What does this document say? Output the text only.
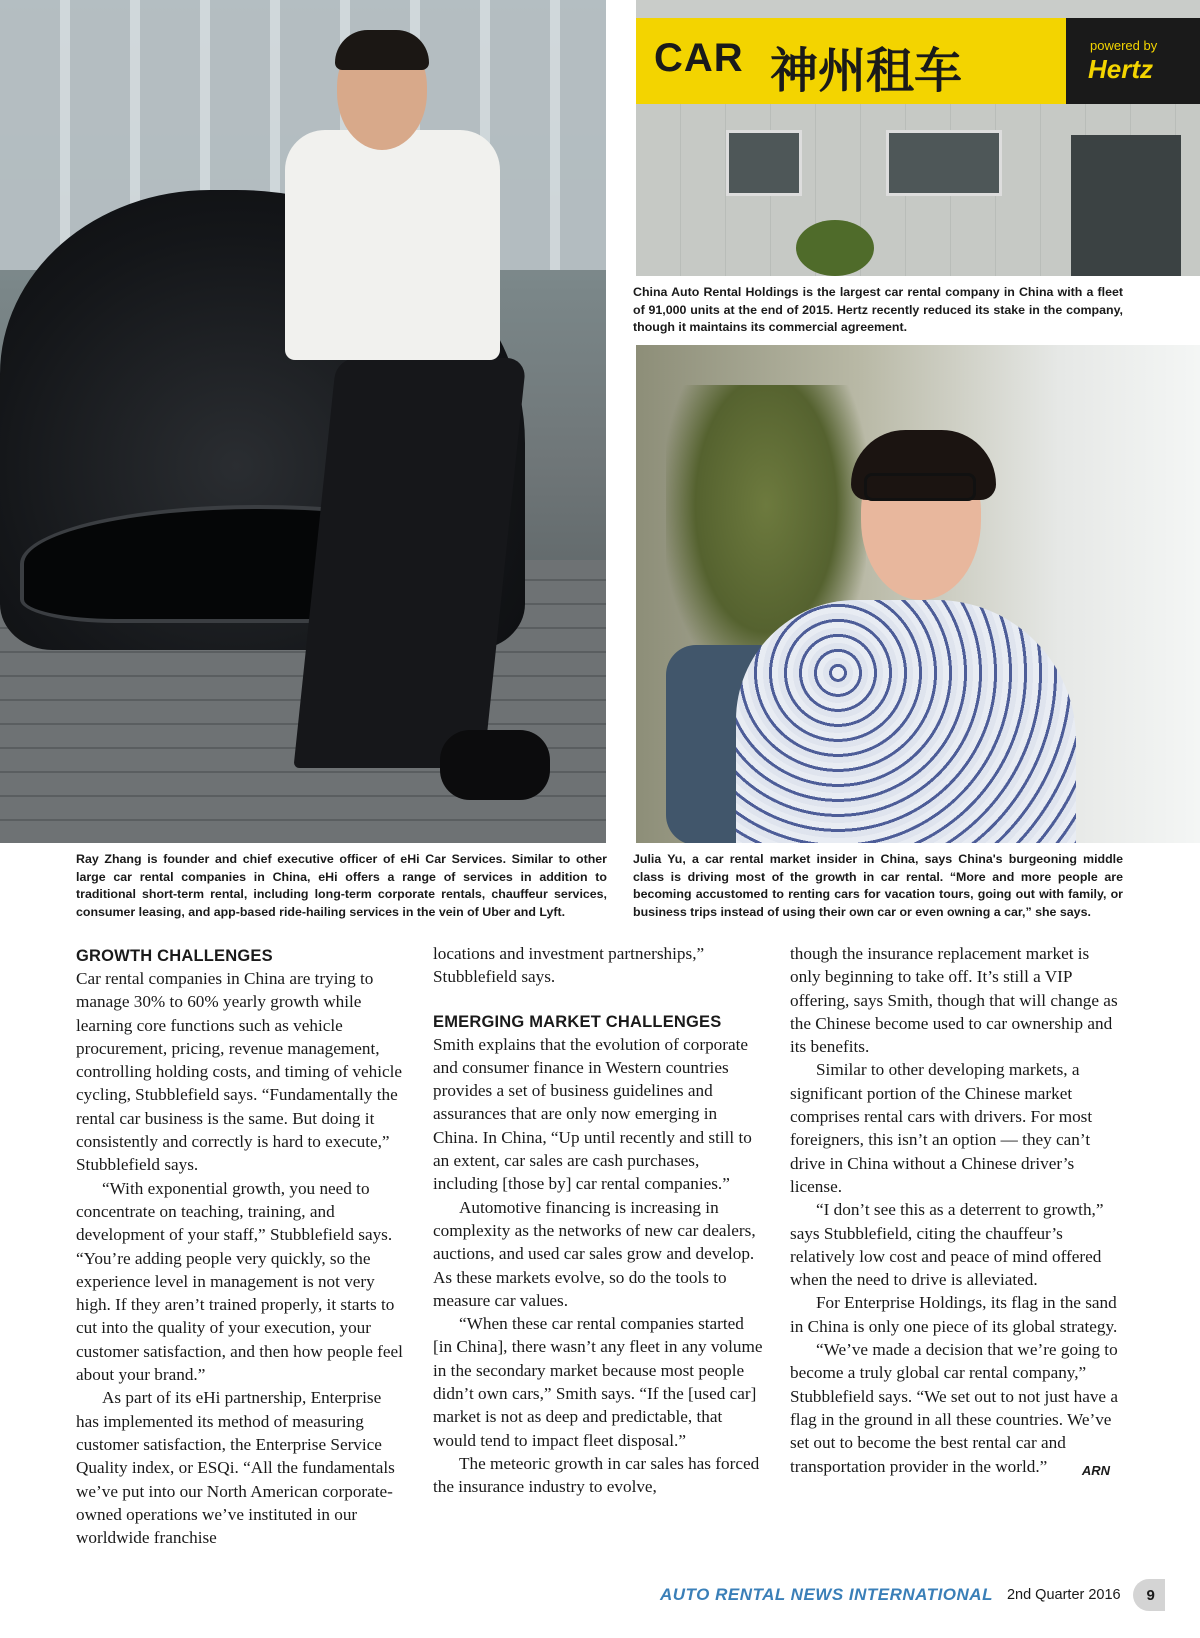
CAR 神州租车	powered by
Hertz

China Auto Rental Holdings is the largest car rental company in China with a fleet of 91,000 units at the end of 2015. Hertz recently reduced its stake in the company, though it maintains its commercial agreement.

Ray Zhang is founder and chief executive officer of eHi Car Services. Similar to other large car rental companies in China, eHi offers a range of services in addition to traditional short-term rental, including long-term corporate rentals, chauffeur services, consumer leasing, and app-based ride-hailing services in the vein of Uber and Lyft.

Julia Yu, a car rental market insider in China, says China's burgeoning middle class is driving most of the growth in car rental. “More and more people are becoming accustomed to renting cars for vacation tours, going out with family, or business trips instead of using their own car or even owning a car,” she says.

GROWTH CHALLENGES

Car rental companies in China are trying to manage 30% to 60% yearly growth while learning core functions such as vehicle procurement, pricing, revenue management, controlling holding costs, and timing of vehicle cycling, Stubblefield says. “Fundamentally the rental car business is the same. But doing it consistently and correctly is hard to execute,” Stubblefield says.

“With exponential growth, you need to concentrate on teaching, training, and development of your staff,” Stubblefield says. “You’re adding people very quickly, so the experience level in management is not very high. If they aren’t trained properly, it starts to cut into the quality of your execution, your customer satisfaction, and then how people feel about your brand.”

As part of its eHi partnership, Enterprise has implemented its method of measuring customer satisfaction, the Enterprise Service Quality index, or ESQi. “All the fundamentals we’ve put into our North American corporate-owned operations we’ve instituted in our worldwide franchise

locations and investment partnerships,” Stubblefield says.

EMERGING MARKET CHALLENGES

Smith explains that the evolution of corporate and consumer finance in Western countries provides a set of business guidelines and assurances that are only now emerging in China. In China, “Up until recently and still to an extent, car sales are cash purchases, including [those by] car rental companies.”

Automotive financing is increasing in complexity as the networks of new car dealers, auctions, and used car sales grow and develop. As these markets evolve, so do the tools to measure car values.

“When these car rental companies started [in China], there wasn’t any fleet in any volume in the secondary market because most people didn’t own cars,” Smith says. “If the [used car] market is not as deep and predictable, that would tend to impact fleet disposal.”

The meteoric growth in car sales has forced the insurance industry to evolve,

though the insurance replacement market is only beginning to take off. It’s still a VIP offering, says Smith, though that will change as the Chinese become used to car ownership and its benefits.

Similar to other developing markets, a significant portion of the Chinese market comprises rental cars with drivers. For most foreigners, this isn’t an option — they can’t drive in China without a Chinese driver’s license.

“I don’t see this as a deterrent to growth,” says Stubblefield, citing the chauffeur’s relatively low cost and peace of mind offered when the need to drive is alleviated.

For Enterprise Holdings, its flag in the sand in China is only one piece of its global strategy.

“We’ve made a decision that we’re going to become a truly global car rental company,” Stubblefield says. “We set out to not just have a flag in the ground in all these countries. We’ve set out to become the best rental car and transportation provider in the world.”	ARN

AUTO RENTAL NEWS INTERNATIONAL 2nd Quarter 2016	9
